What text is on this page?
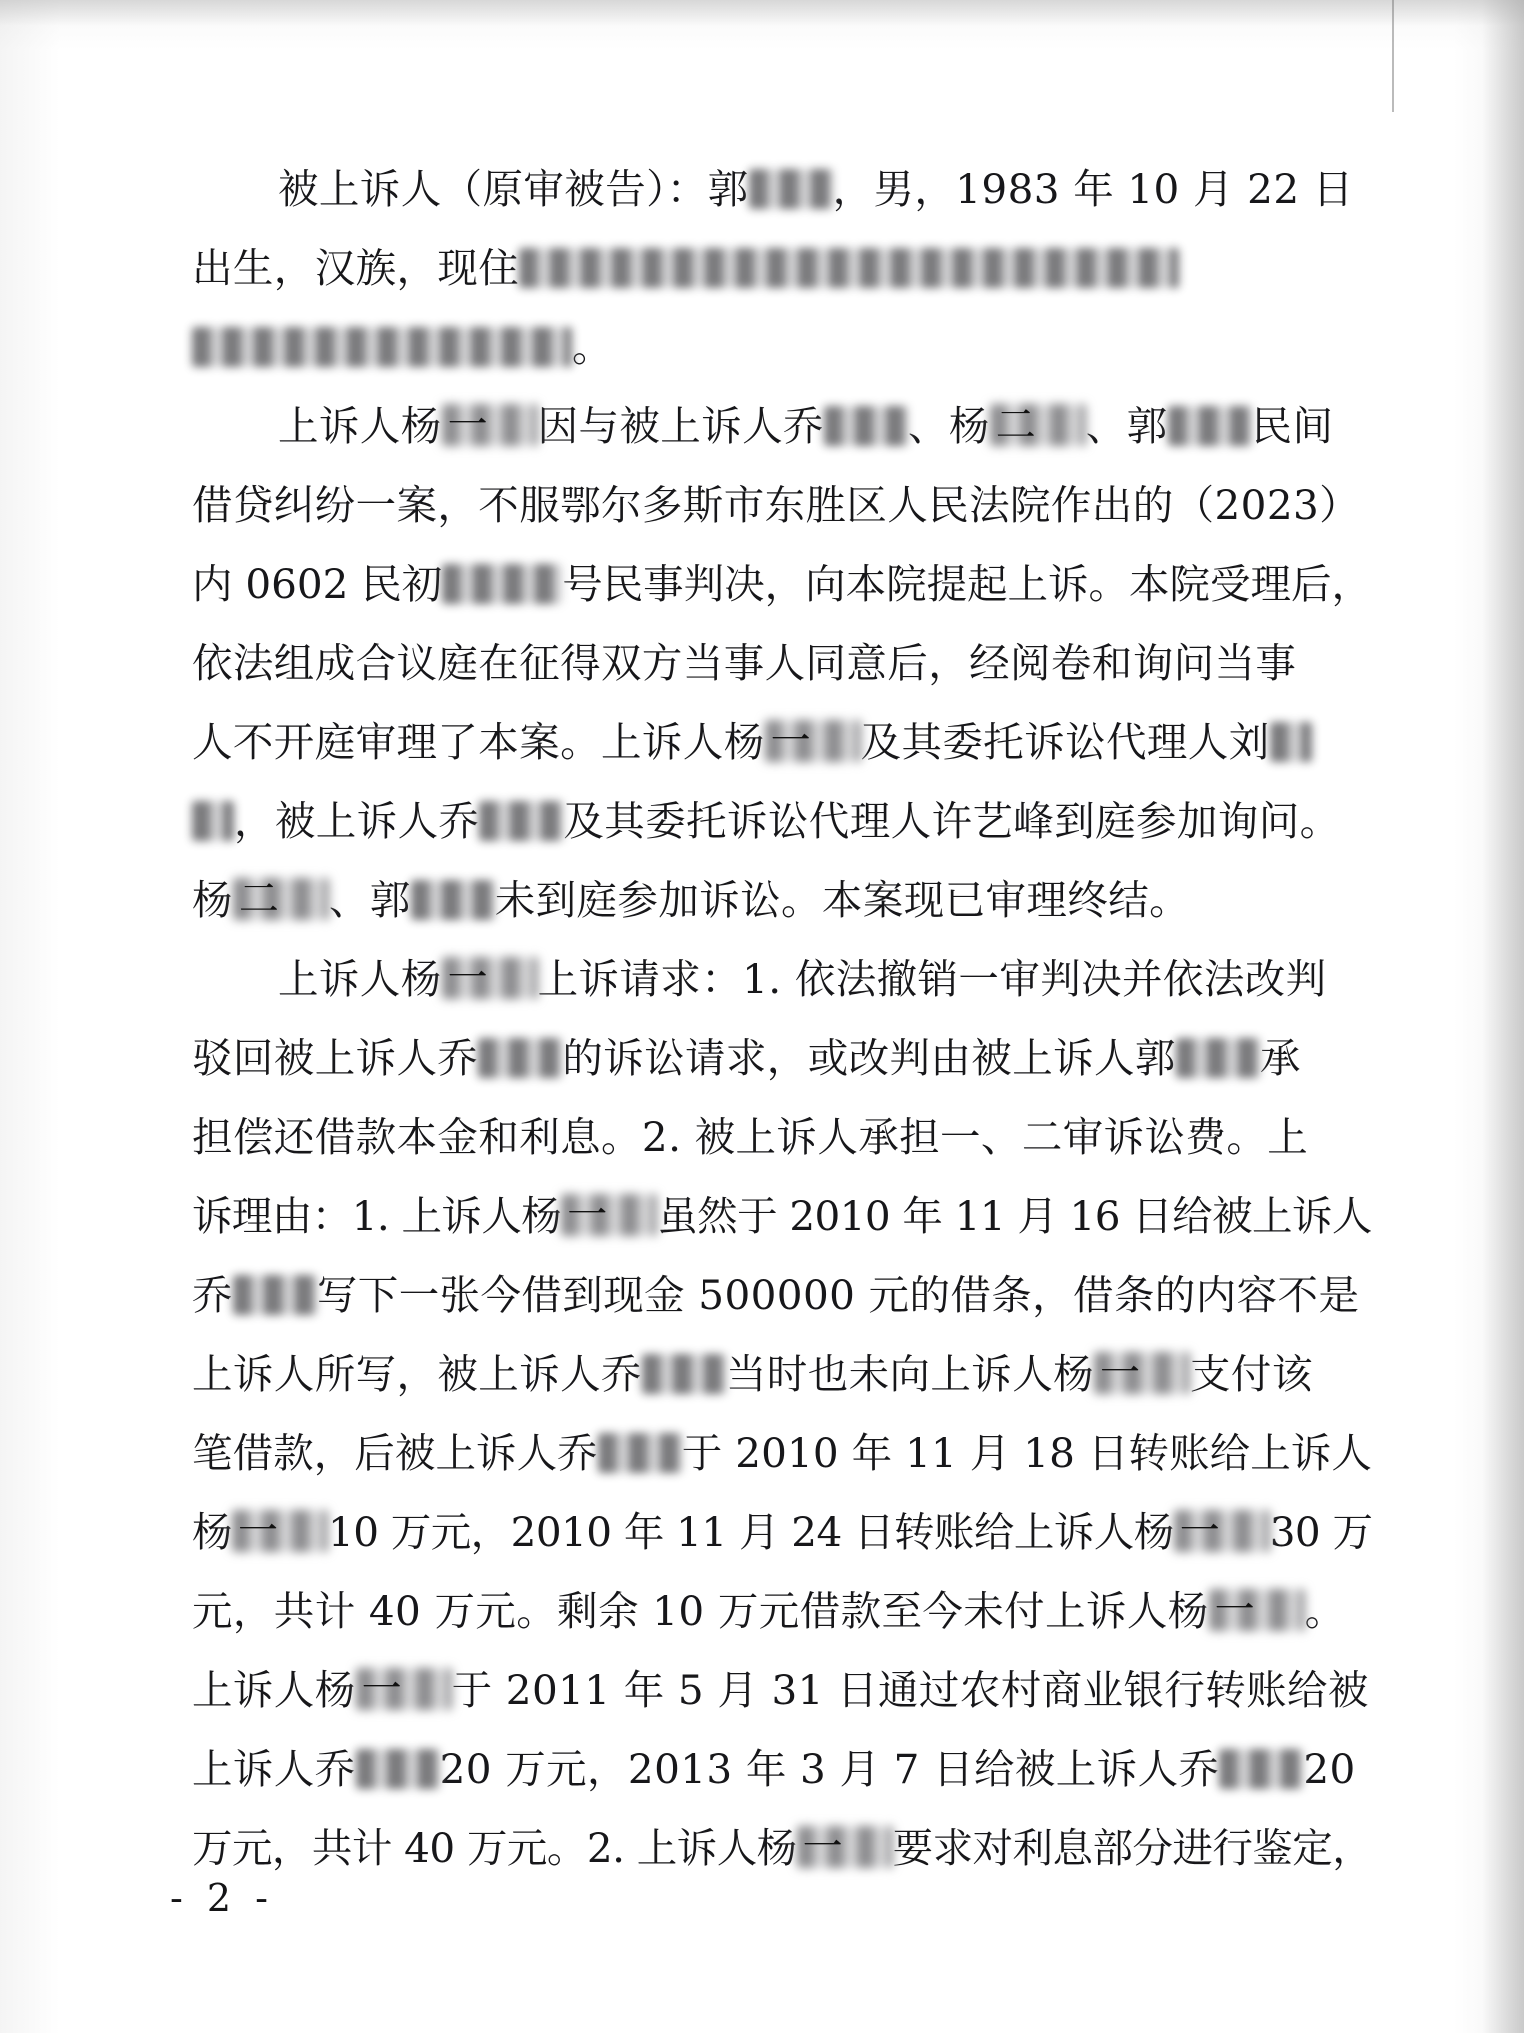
被上诉人（原审被告）：郭 ，男，1983 年 10 月 22 日
出生，汉族，现住
。
上诉人杨 一	因与被上诉人乔 、杨 二	、郭 民间
借贷纠纷一案，不服鄂尔多斯市东胜区人民法院作出的（2023）
内 0602 民初	号民事判决，向本院提起上诉。本院受理后，
依法组成合议庭在征得双方当事人同意后，经阅卷和询问当事
人不开庭审理了本案。上诉人杨 一	及其委托诉讼代理人刘
，被上诉人乔 及其委托诉讼代理人许艺峰到庭参加询问。
杨 二	、郭 未到庭参加诉讼。本案现已审理终结。
上诉人杨 一	上诉请求：1. 依法撤销一审判决并依法改判
驳回被上诉人乔 的诉讼请求，或改判由被上诉人郭 承
担偿还借款本金和利息。2. 被上诉人承担一、二审诉讼费。上
诉理由：1. 上诉人杨 一	虽然于 2010 年 11 月 16 日给被上诉人
乔 写下一张今借到现金 500000 元的借条，借条的内容不是
上诉人所写，被上诉人乔 当时也未向上诉人杨 一	支付该
笔借款，后被上诉人乔 于 2010 年 11 月 18 日转账给上诉人
杨 一	10 万元，2010 年 11 月 24 日转账给上诉人杨 一	30 万
元，共计 40 万元。剩余 10 万元借款至今未付上诉人杨 一	。
上诉人杨 一	于 2011 年 5 月 31 日通过农村商业银行转账给被
上诉人乔 20 万元，2013 年 3 月 7 日给被上诉人乔 20
万元，共计 40 万元。2. 上诉人杨 一	要求对利息部分进行鉴定，
- 2 -
